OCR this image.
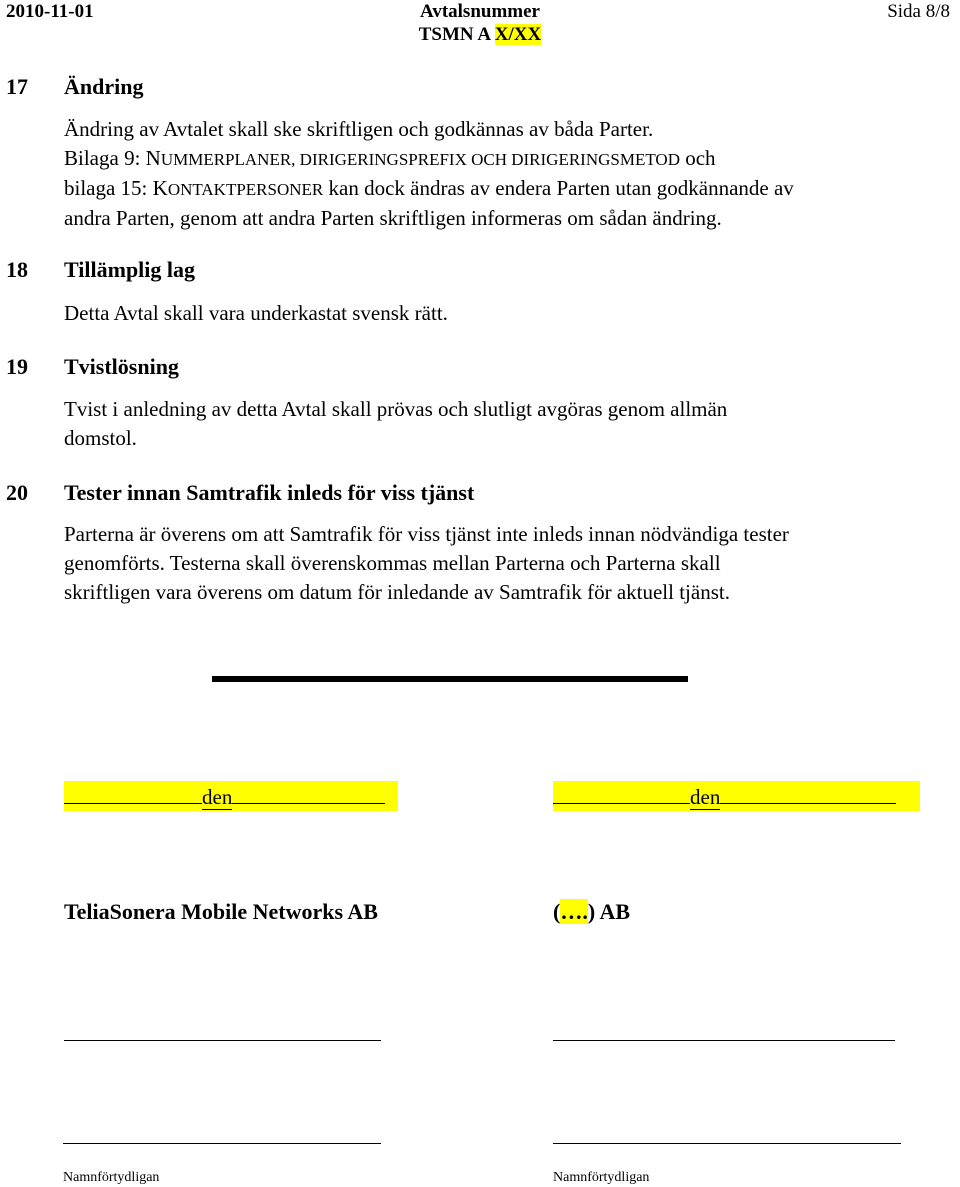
2010-11-01	Avtalsnummer
TSMN A X/XX
Sida 8/8
17 Ändring
Ändring av Avtalet skall ske skriftligen och godkännas av båda Parter.
Bilaga 9: NUMMERPLANER, DIRIGERINGSPREFIX OCH DIRIGERINGSMETOD och
bilaga 15: KONTAKTPERSONER kan dock ändras av endera Parten utan godkännande av
andra Parten, genom att andra Parten skriftligen informeras om sådan ändring.
18 Tillämplig lag
Detta Avtal skall vara underkastat svensk rätt.
19 Tvistlösning
Tvist i anledning av detta Avtal skall prövas och slutligt avgöras genom allmän
domstol.
20 Tester innan Samtrafik inleds för viss tjänst
Parterna är överens om att Samtrafik för viss tjänst inte inleds innan nödvändiga tester
genomförts. Testerna skall överenskommas mellan Parterna och Parterna skall
skriftligen vara överens om datum för inledande av Samtrafik för aktuell tjänst.
den	den
TeliaSonera Mobile Networks AB	(….) AB
Namnförtydligan	Namnförtydligan
